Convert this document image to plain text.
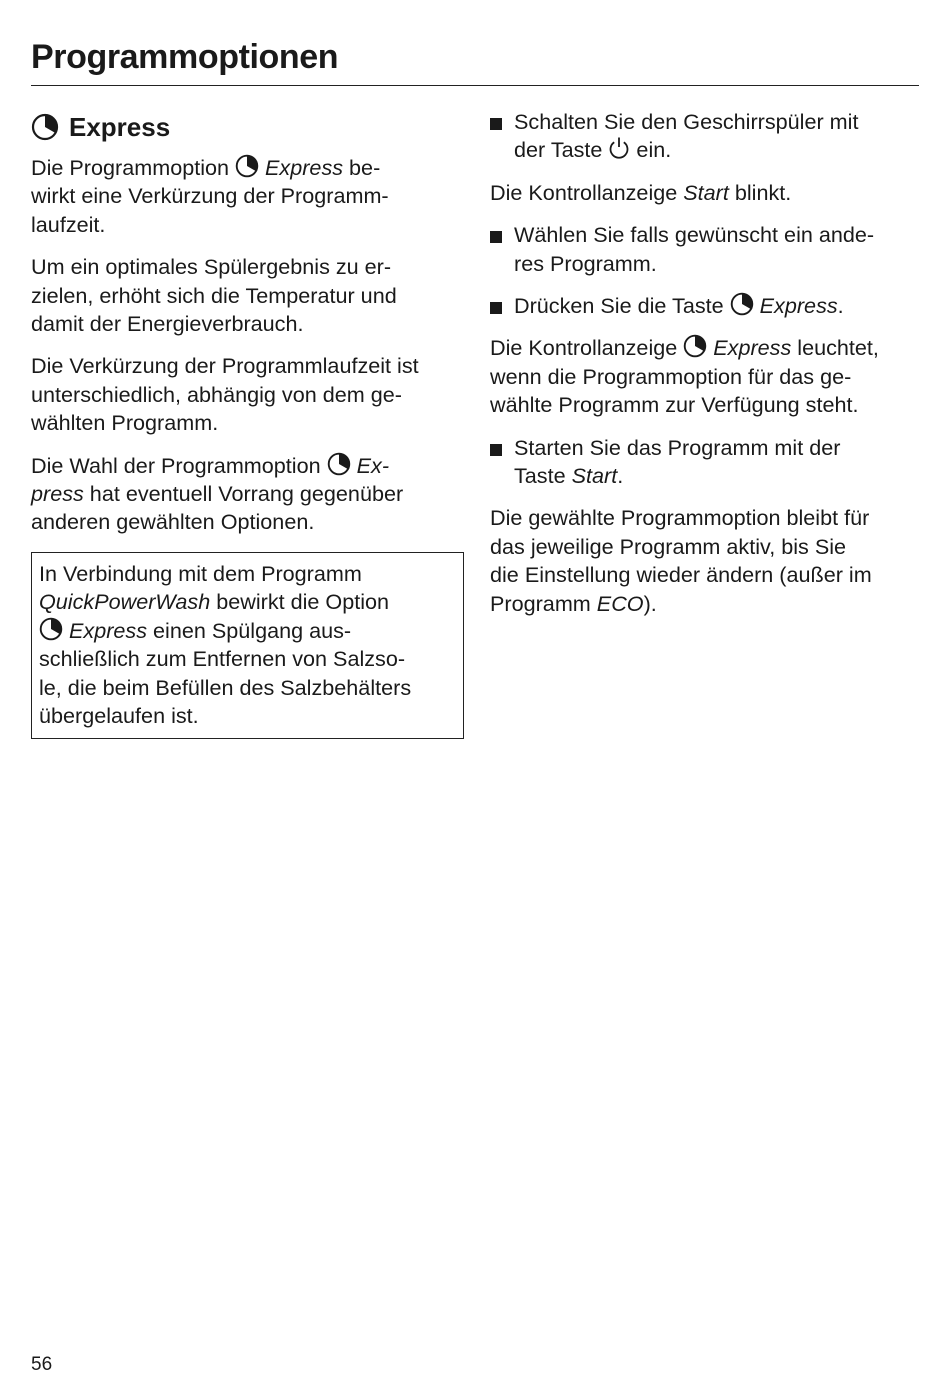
Programmoptionen
Express

Die Programmoption
Express be-
wirkt eine Verkürzung der Programm-
laufzeit.

Um ein optimales Spülergebnis zu er-
zielen, erhöht sich die Temperatur und
damit der Energieverbrauch.

Die Verkürzung der Programmlaufzeit ist
unterschiedlich, abhängig von dem ge-
wählten Programm.

Die Wahl der Programmoption
Ex-
press hat eventuell Vorrang gegenüber
anderen gewählten Optionen.

In Verbindung mit dem Programm
QuickPowerWash bewirkt die Option

Express einen Spülgang aus-
schließlich zum Entfernen von Salzso-
le, die beim Befüllen des Salzbehälters
übergelaufen ist.

Schalten Sie den Geschirrspüler mit
der Taste
ein.

Die Kontrollanzeige Start blinkt.

Wählen Sie falls gewünscht ein ande-
res Programm.
Drücken Sie die Taste
Express.

Die Kontrollanzeige
Express leuchtet,
wenn die Programmoption für das ge-
wählte Programm zur Verfügung steht.

Starten Sie das Programm mit der
Taste Start.

Die gewählte Programmoption bleibt für
das jeweilige Programm aktiv, bis Sie
die Einstellung wieder ändern (außer im
Programm ECO).

56
